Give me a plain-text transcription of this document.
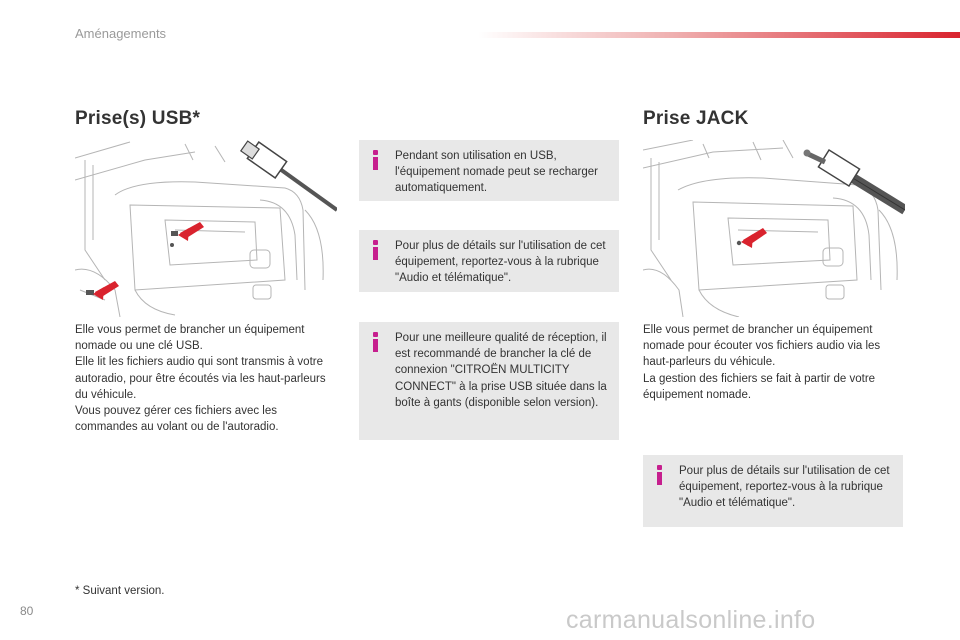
Aménagements
Prise(s) USB*

Elle vous permet de brancher un équipement nomade ou une clé USB.

Elle lit les fichiers audio qui sont transmis à votre autoradio, pour être écoutés via les haut-parleurs du véhicule.

Vous pouvez gérer ces fichiers avec les commandes au volant ou de l'autoradio.

Pendant son utilisation en USB, l'équipement nomade peut se recharger automatiquement.
Pour plus de détails sur l'utilisation de cet équipement, reportez-vous à la rubrique "Audio et télématique".
Pour une meilleure qualité de réception, il est recommandé de brancher la clé de connexion "CITROËN MULTICITY CONNECT" à la prise USB située dans la boîte à gants (disponible selon version).
Prise JACK

Elle vous permet de brancher un équipement nomade pour écouter vos fichiers audio via les haut-parleurs du véhicule.

La gestion des fichiers se fait à partir de votre équipement nomade.

Pour plus de détails sur l'utilisation de cet équipement, reportez-vous à la rubrique "Audio et télématique".
* Suivant version.
80	carmanualsonline.info
